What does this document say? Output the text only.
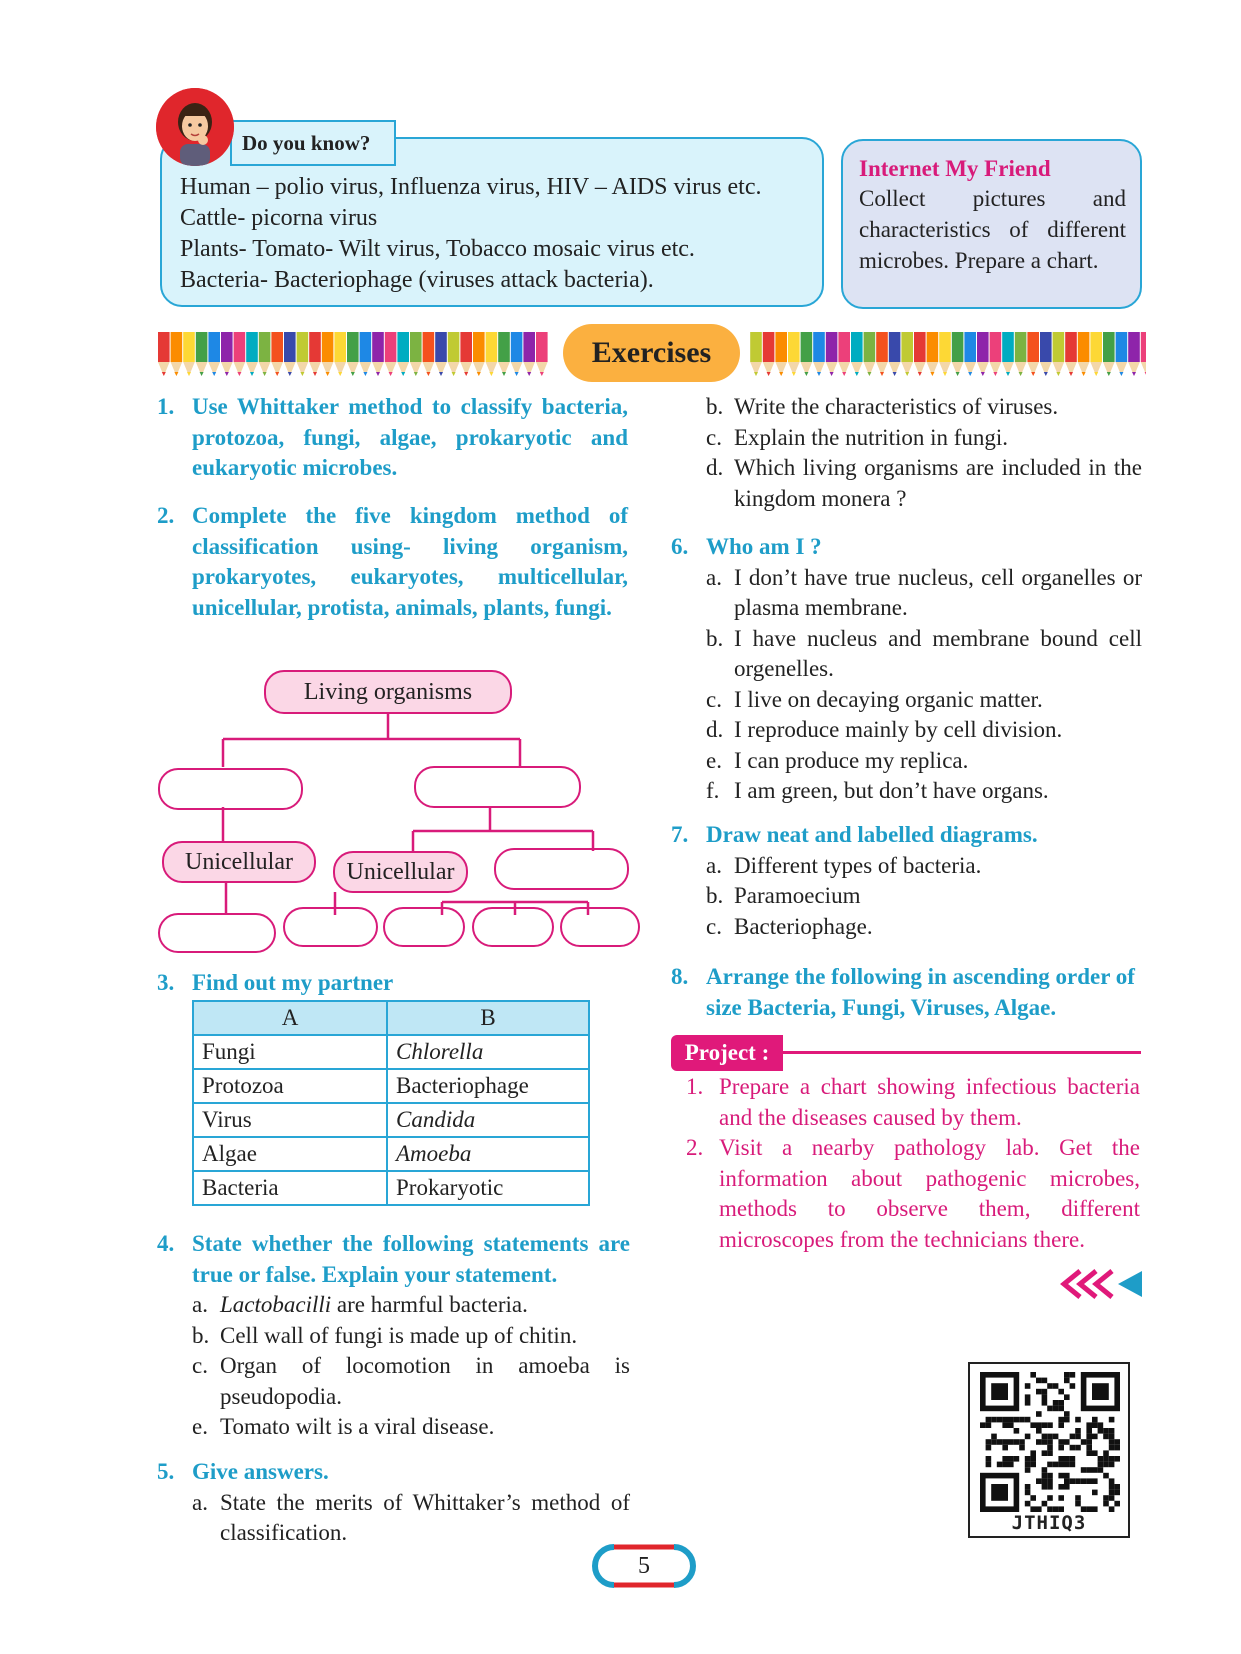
Do you know?
Human – polio virus, Influenza virus, HIV – AIDS virus etc.
Cattle- picorna virus
Plants- Tomato- Wilt virus, Tobacco mosaic virus etc.
Bacteria- Bacteriophage (viruses attack bacteria).
Internet My Friend
Collect pictures and characteristics of different microbes. Prepare a chart.
Exercises
1. Use Whittaker method to classify bacteria, protozoa, fungi, algae, prokaryotic and eukaryotic microbes.
2. Complete the five kingdom method of classification using- living organism, prokaryotes, eukaryotes, multicellular, unicellular, protista, animals, plants, fungi.
Living organisms
Unicellular	Unicellular
3. Find out my partner
A	B
Fungi	Chlorella
Protozoa	Bacteriophage
Virus	Candida
Algae	Amoeba
Bacteria	Prokaryotic
4. State whether the following statements are true or false. Explain your statement.
a. Lactobacilli are harmful bacteria.
b. Cell wall of fungi is made up of chitin.
c. Organ of locomotion in amoeba is pseudopodia.
e. Tomato wilt is a viral disease.
5. Give answers.
a. State the merits of Whittaker’s method of classification.
b. Write the characteristics of viruses.
c. Explain the nutrition in fungi.
d. Which living organisms are included in the kingdom monera ?
6. Who am I ?
a. I don’t have true nucleus, cell organelles or plasma membrane.
b. I have nucleus and membrane bound cell orgenelles.
c. I live on decaying organic matter.
d. I reproduce mainly by cell division.
e. I can produce my replica.
f. I am green, but don’t have organs.
7. Draw neat and labelled diagrams.
a. Different types of bacteria.
b. Paramoecium
c. Bacteriophage.
8. Arrange the following in ascending order of size Bacteria, Fungi, Viruses, Algae.
Project :
1. Prepare a chart showing infectious bacteria and the diseases caused by them.
2. Visit a nearby pathology lab. Get the information about pathogenic microbes, methods to observe them, different microscopes from the technicians there.
JTHIQ3
5
